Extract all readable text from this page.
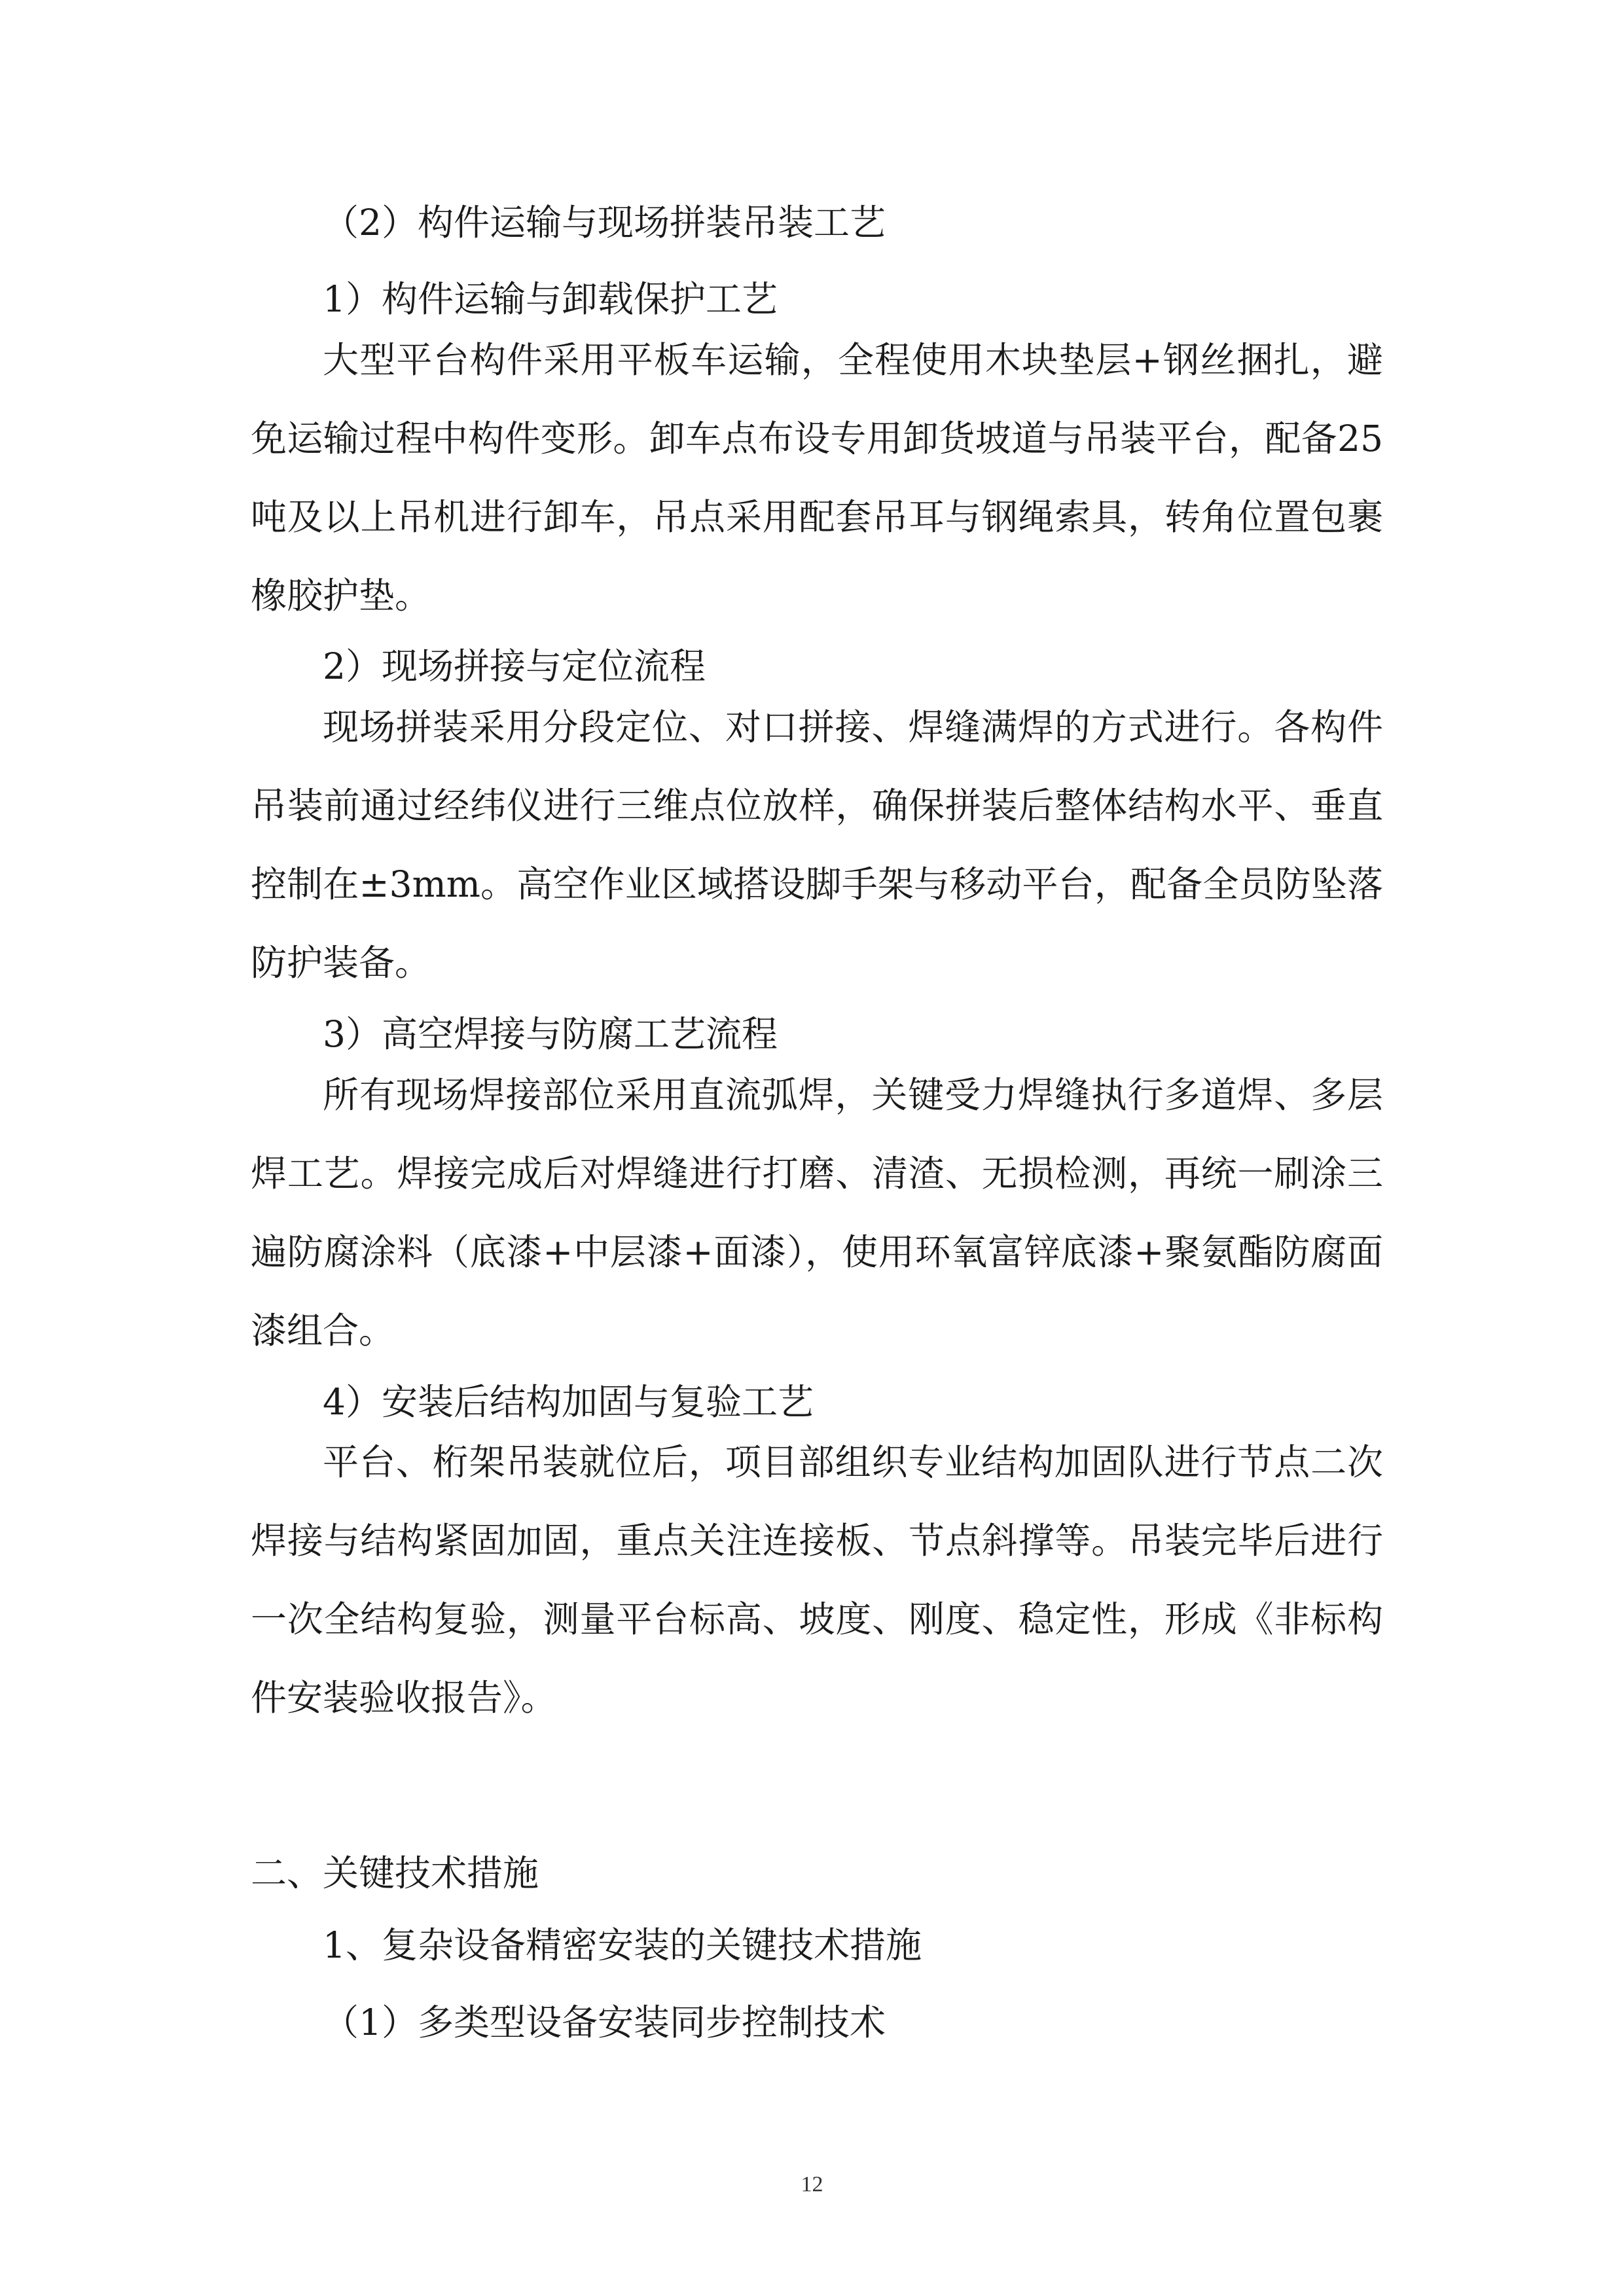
（2）构件运输与现场拼装吊装工艺
1）构件运输与卸载保护工艺

大型平台构件采用平板车运输，全程使用木块垫层+钢丝捆扎，避免运输过程中构件变形。卸车点布设专用卸货坡道与吊装平台，配备25吨及以上吊机进行卸车，吊点采用配套吊耳与钢绳索具，转角位置包裹橡胶护垫。

2）现场拼接与定位流程

现场拼装采用分段定位、对口拼接、焊缝满焊的方式进行。各构件吊装前通过经纬仪进行三维点位放样，确保拼装后整体结构水平、垂直控制在±3mm。高空作业区域搭设脚手架与移动平台，配备全员防坠落防护装备。

3）高空焊接与防腐工艺流程

所有现场焊接部位采用直流弧焊，关键受力焊缝执行多道焊、多层焊工艺。焊接完成后对焊缝进行打磨、清渣、无损检测，再统一刷涂三遍防腐涂料（底漆+中层漆+面漆），使用环氧富锌底漆+聚氨酯防腐面漆组合。

4）安装后结构加固与复验工艺

平台、桁架吊装就位后，项目部组织专业结构加固队进行节点二次焊接与结构紧固加固，重点关注连接板、节点斜撑等。吊装完毕后进行一次全结构复验，测量平台标高、坡度、刚度、稳定性，形成《非标构件安装验收报告》。

二、关键技术措施
1、复杂设备精密安装的关键技术措施
（1）多类型设备安装同步控制技术
12
